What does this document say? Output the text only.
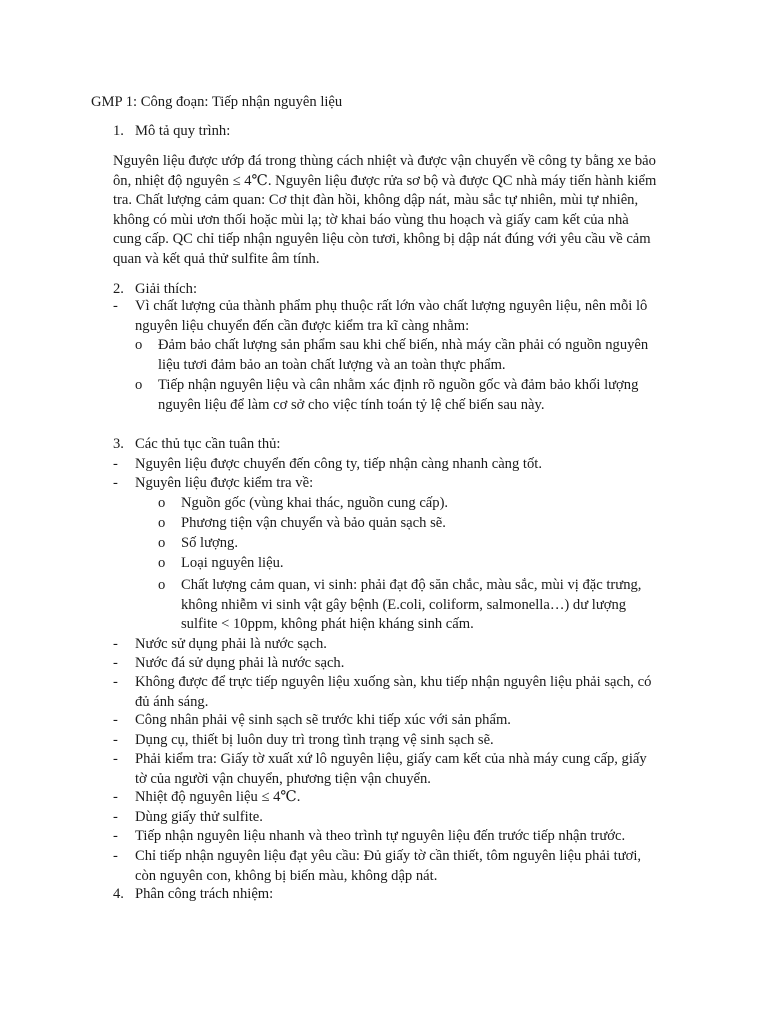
GMP 1: Công đoạn: Tiếp nhận nguyên liệu
1. Mô tả quy trình:

Nguyên liệu được ướp đá trong thùng cách nhiệt và được vận chuyển về công ty bằng xe bảo

ôn, nhiệt độ nguyên ≤ 4℃. Nguyên liệu được rửa sơ bộ và được QC nhà máy tiến hành kiểm

tra. Chất lượng cảm quan: Cơ thịt đàn hồi, không dập nát, màu sắc tự nhiên, mùi tự nhiên,

không có mùi ươn thối hoặc mùi lạ; tờ khai báo vùng thu hoạch và giấy cam kết của nhà

cung cấp. QC chỉ tiếp nhận nguyên liệu còn tươi, không bị dập nát đúng với yêu cầu về cảm

quan và kết quả thử sulfite âm tính.

2. Giải thích:
- Vì chất lượng của thành phẩm phụ thuộc rất lớn vào chất lượng nguyên liệu, nên mỗi lô
nguyên liệu chuyển đến cần được kiểm tra kĩ càng nhằm:
o Đảm bảo chất lượng sản phẩm sau khi chế biến, nhà máy cần phải có nguồn nguyên
liệu tươi đảm bảo an toàn chất lượng và an toàn thực phẩm.
o Tiếp nhận nguyên liệu và cân nhằm xác định rõ nguồn gốc và đảm bảo khối lượng
nguyên liệu để làm cơ sở cho việc tính toán tỷ lệ chế biến sau này.
3. Các thủ tục cần tuân thủ:
- Nguyên liệu được chuyển đến công ty, tiếp nhận càng nhanh càng tốt.
- Nguyên liệu được kiểm tra về:
o Nguồn gốc (vùng khai thác, nguồn cung cấp).
o Phương tiện vận chuyển và bảo quản sạch sẽ.
o Số lượng.
o Loại nguyên liệu.
o Chất lượng cảm quan, vi sinh: phải đạt độ săn chắc, màu sắc, mùi vị đặc trưng,
không nhiễm vi sinh vật gây bệnh (E.coli, coliform, salmonella…) dư lượng
sulfite < 10ppm, không phát hiện kháng sinh cấm.
- Nước sử dụng phải là nước sạch.
- Nước đá sử dụng phải là nước sạch.
- Không được để trực tiếp nguyên liệu xuống sàn, khu tiếp nhận nguyên liệu phải sạch, có
đủ ánh sáng.
- Công nhân phải vệ sinh sạch sẽ trước khi tiếp xúc với sản phẩm.
- Dụng cụ, thiết bị luôn duy trì trong tình trạng vệ sinh sạch sẽ.
- Phải kiểm tra: Giấy tờ xuất xứ lô nguyên liệu, giấy cam kết của nhà máy cung cấp, giấy
tờ của người vận chuyển, phương tiện vận chuyển.
- Nhiệt độ nguyên liệu ≤ 4℃.
- Dùng giấy thử sulfite.
- Tiếp nhận nguyên liệu nhanh và theo trình tự nguyên liệu đến trước tiếp nhận trước.
- Chỉ tiếp nhận nguyên liệu đạt yêu cầu: Đủ giấy tờ cần thiết, tôm nguyên liệu phải tươi,
còn nguyên con, không bị biến màu, không dập nát.
4. Phân công trách nhiệm:
